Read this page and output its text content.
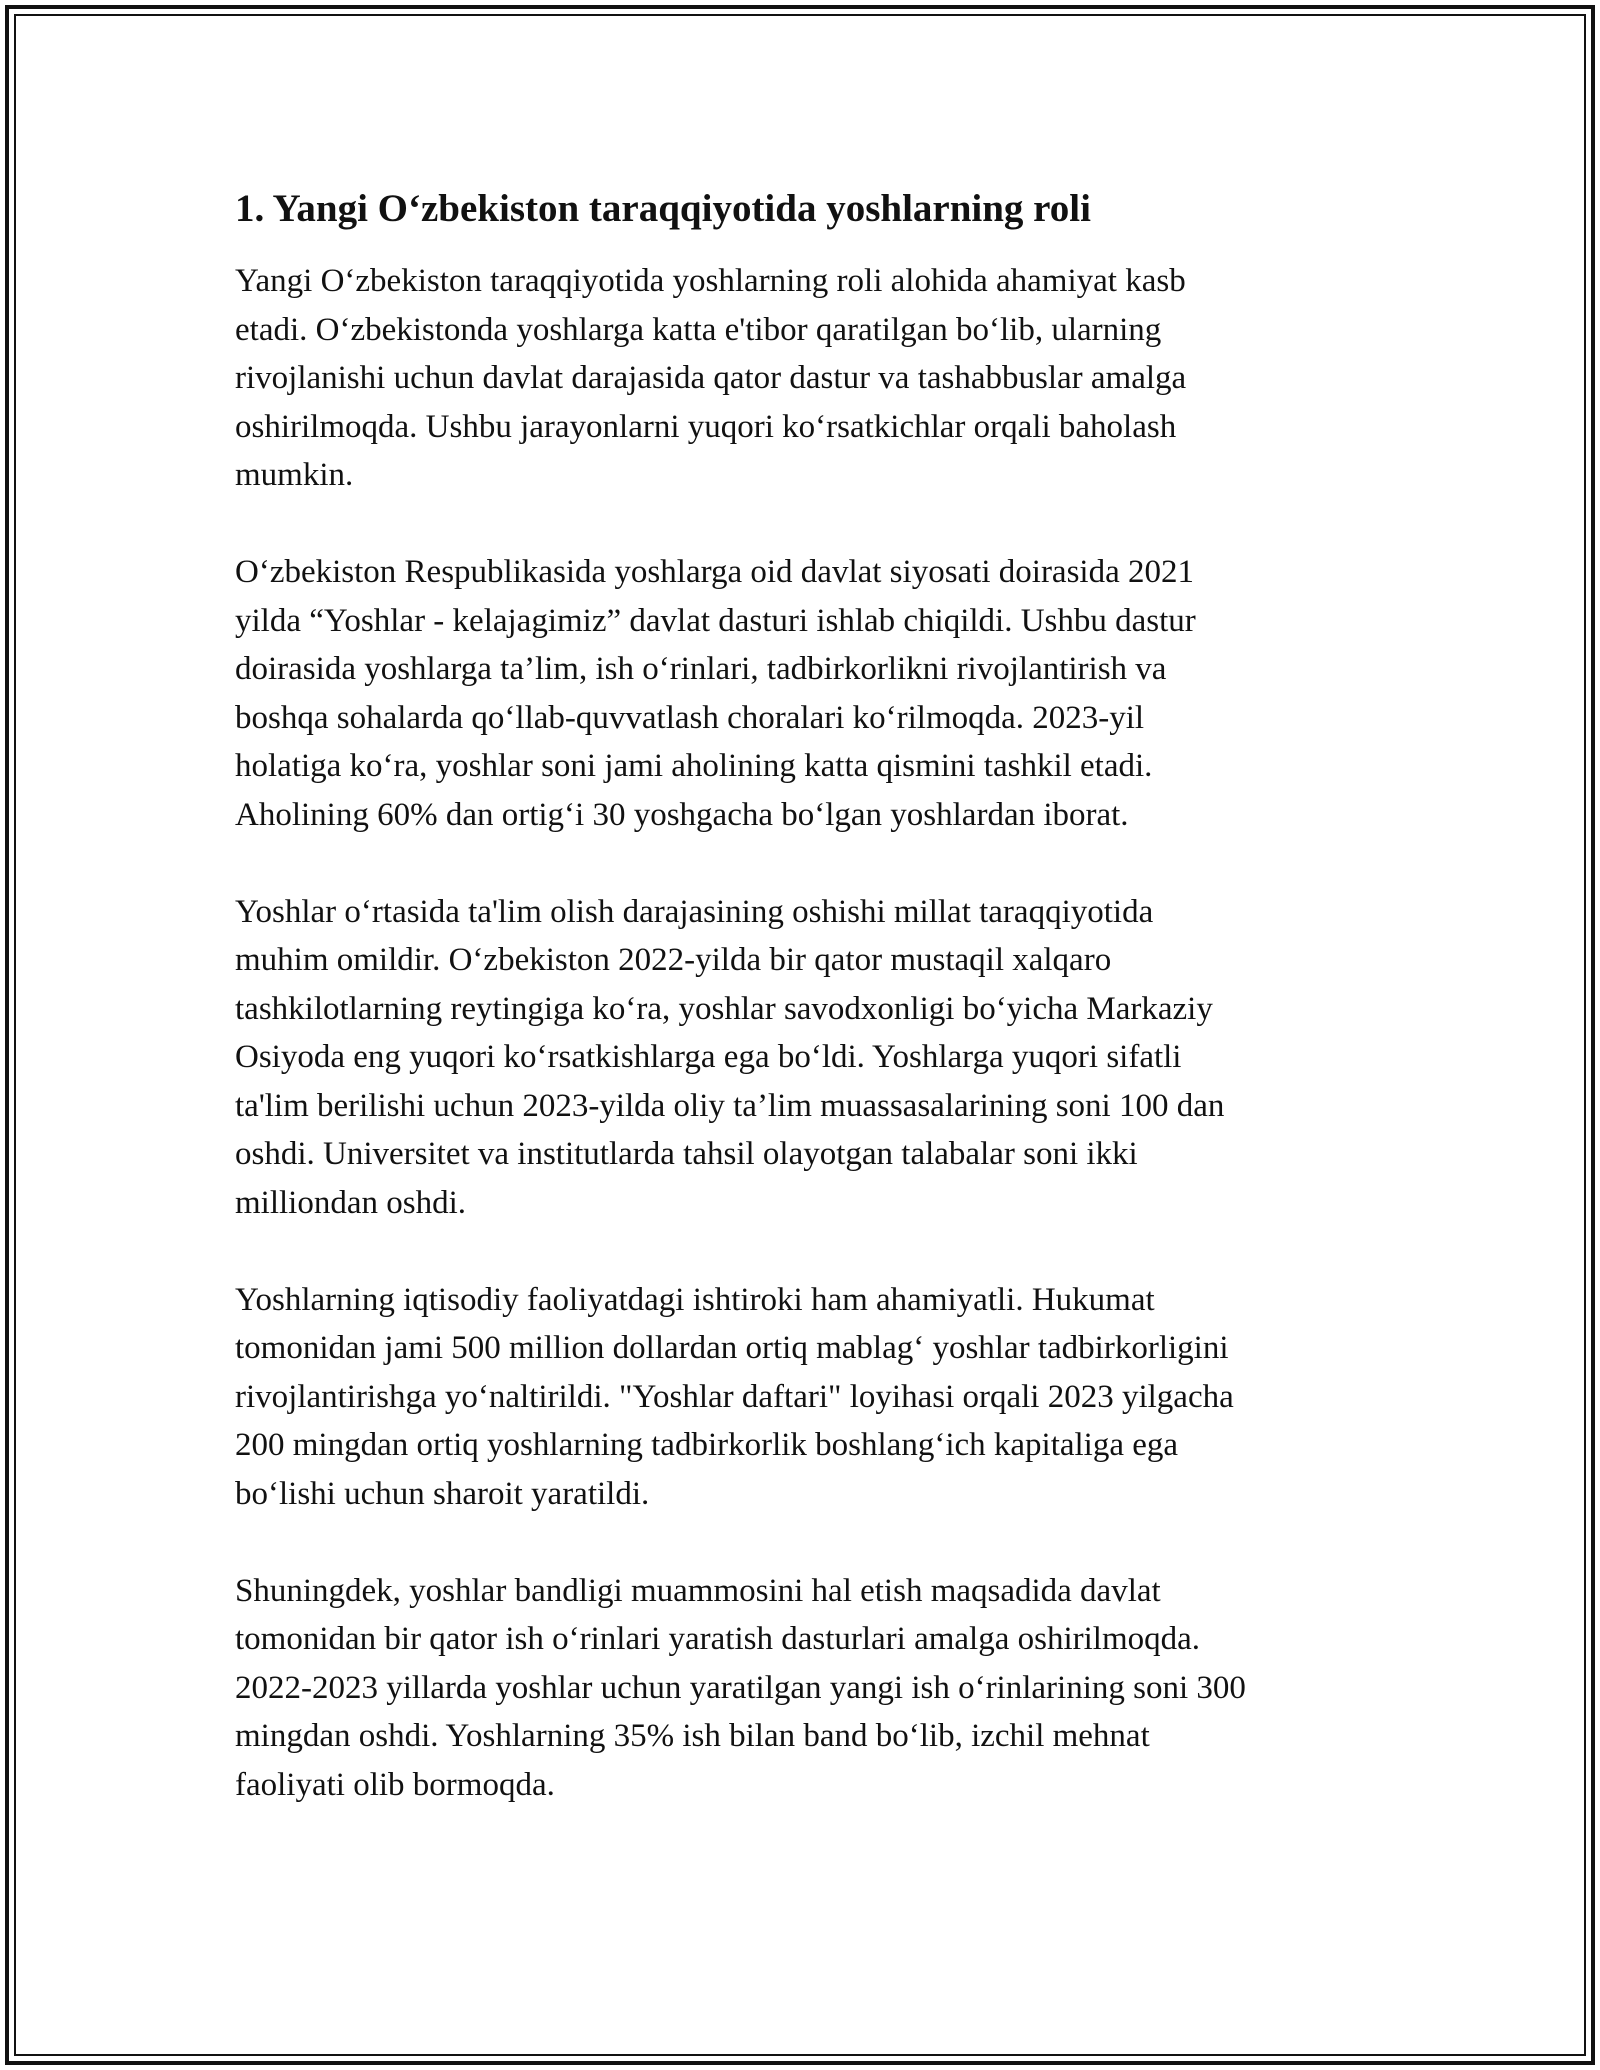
1. Yangi O‘zbekiston taraqqiyotida yoshlarning roli

Yangi O‘zbekiston taraqqiyotida yoshlarning roli alohida ahamiyat kasb
etadi. O‘zbekistonda yoshlarga katta e'tibor qaratilgan bo‘lib, ularning
rivojlanishi uchun davlat darajasida qator dastur va tashabbuslar amalga
oshirilmoqda. Ushbu jarayonlarni yuqori ko‘rsatkichlar orqali baholash
mumkin.

O‘zbekiston Respublikasida yoshlarga oid davlat siyosati doirasida 2021
yilda “Yoshlar - kelajagimiz” davlat dasturi ishlab chiqildi. Ushbu dastur
doirasida yoshlarga ta’lim, ish o‘rinlari, tadbirkorlikni rivojlantirish va
boshqa sohalarda qo‘llab-quvvatlash choralari ko‘rilmoqda. 2023-yil
holatiga ko‘ra, yoshlar soni jami aholining katta qismini tashkil etadi.
Aholining 60% dan ortig‘i 30 yoshgacha bo‘lgan yoshlardan iborat.

Yoshlar o‘rtasida ta'lim olish darajasining oshishi millat taraqqiyotida
muhim omildir. O‘zbekiston 2022-yilda bir qator mustaqil xalqaro
tashkilotlarning reytingiga ko‘ra, yoshlar savodxonligi bo‘yicha Markaziy
Osiyoda eng yuqori ko‘rsatkishlarga ega bo‘ldi. Yoshlarga yuqori sifatli
ta'lim berilishi uchun 2023-yilda oliy ta’lim muassasalarining soni 100 dan
oshdi. Universitet va institutlarda tahsil olayotgan talabalar soni ikki
milliondan oshdi.

Yoshlarning iqtisodiy faoliyatdagi ishtiroki ham ahamiyatli. Hukumat
tomonidan jami 500 million dollardan ortiq mablag‘ yoshlar tadbirkorligini
rivojlantirishga yo‘naltirildi. "Yoshlar daftari" loyihasi orqali 2023 yilgacha
200 mingdan ortiq yoshlarning tadbirkorlik boshlang‘ich kapitaliga ega
bo‘lishi uchun sharoit yaratildi.

Shuningdek, yoshlar bandligi muammosini hal etish maqsadida davlat
tomonidan bir qator ish o‘rinlari yaratish dasturlari amalga oshirilmoqda.
2022-2023 yillarda yoshlar uchun yaratilgan yangi ish o‘rinlarining soni 300
mingdan oshdi. Yoshlarning 35% ish bilan band bo‘lib, izchil mehnat
faoliyati olib bormoqda.
